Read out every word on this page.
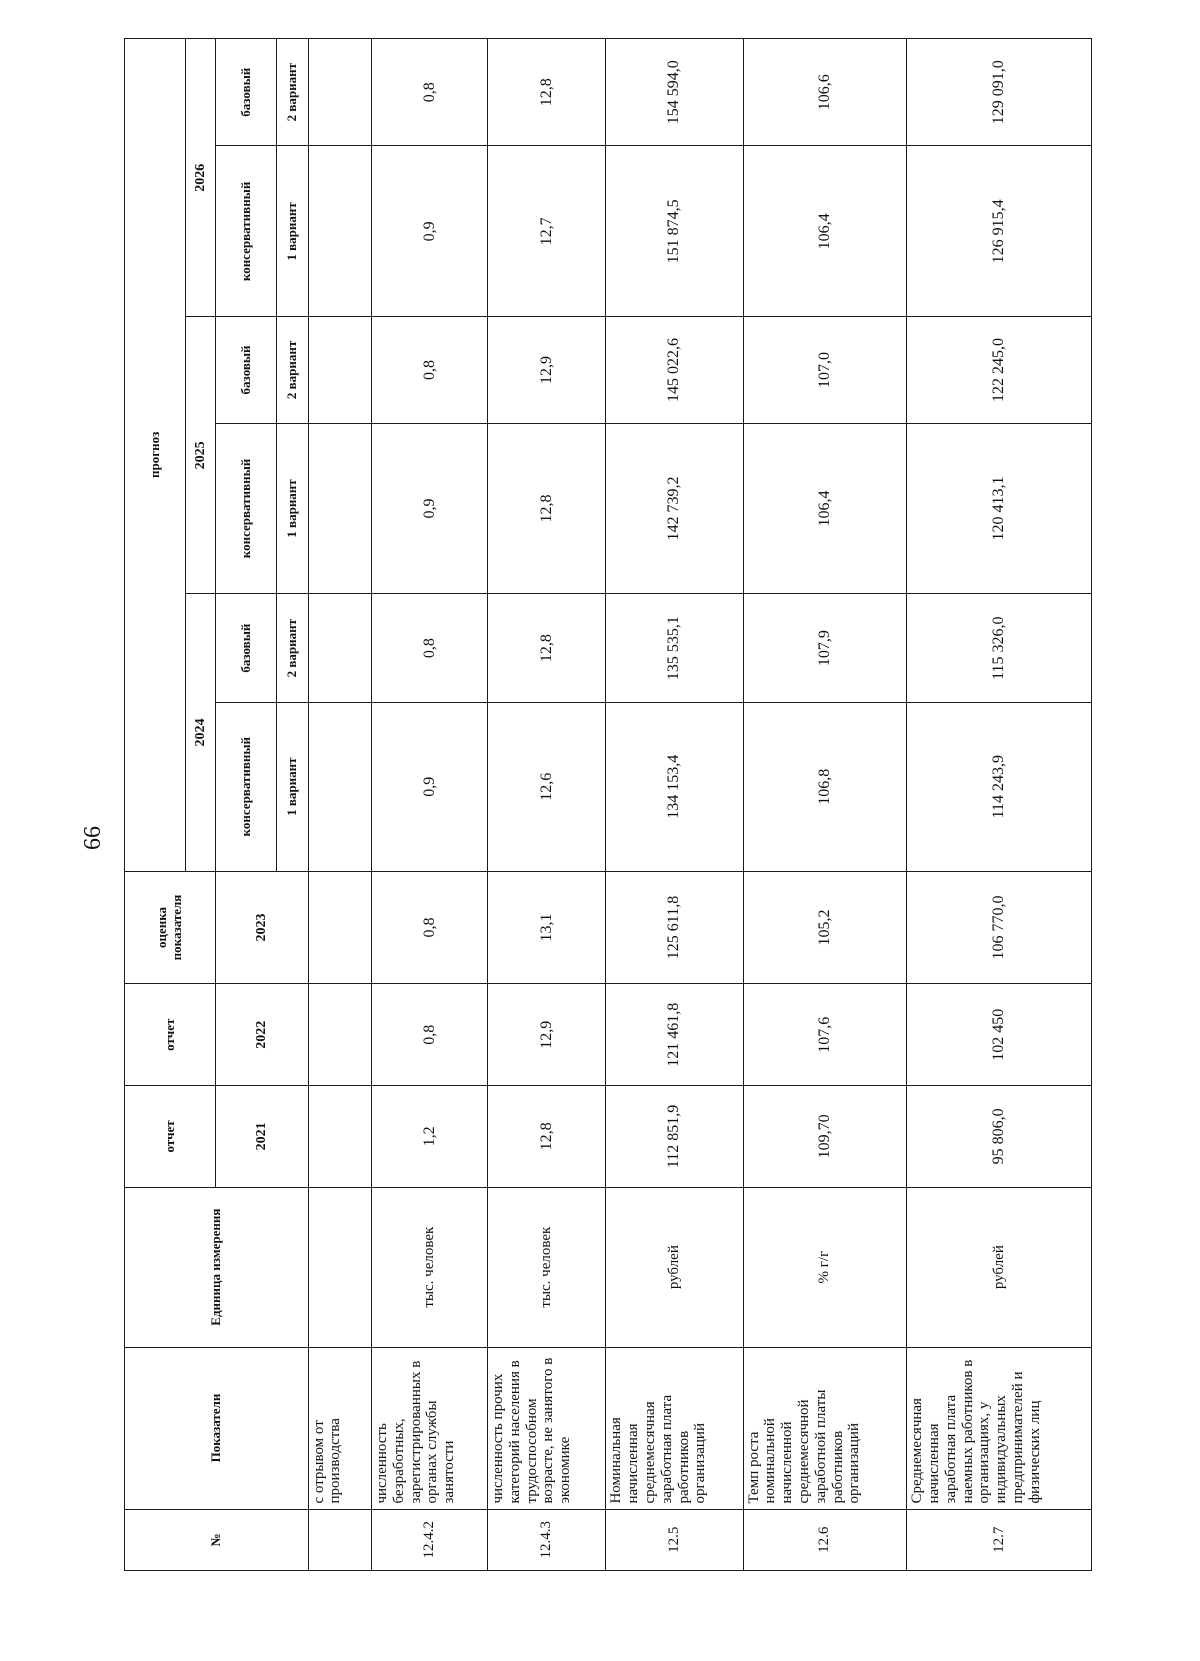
66
№	Показатели	Единица измерения	отчет	отчет	оценка показателя	прогноз					
						2024		2025		2026	
			2021	2022	2023	консервативный	базовый	консервативный	базовый	консервативный	базовый
						1 вариант	2 вариант	1 вариант	2 вариант	1 вариант	2 вариант
	с отрывом от производства										
12.4.2	численность безработных, зарегистрированных в органах службы занятости	тыс. человек	1,2	0,8	0,8	0,9	0,8	0,9	0,8	0,9	0,8
12.4.3	численность прочих категорий населения в трудоспособном возрасте, не занятого в экономике	тыс. человек	12,8	12,9	13,1	12,6	12,8	12,8	12,9	12,7	12,8
12.5	Номинальная начисленная среднемесячная заработная плата работников организаций	рублей	112 851,9	121 461,8	125 611,8	134 153,4	135 535,1	142 739,2	145 022,6	151 874,5	154 594,0
12.6	Темп роста номинальной начисленной среднемесячной заработной платы работников организаций	% г/г	109,70	107,6	105,2	106,8	107,9	106,4	107,0	106,4	106,6
12.7	Среднемесячная начисленная заработная плата наемных работников в организациях, у индивидуальных предпринимателей и физических лиц	рублей	95 806,0	102 450	106 770,0	114 243,9	115 326,0	120 413,1	122 245,0	126 915,4	129 091,0
